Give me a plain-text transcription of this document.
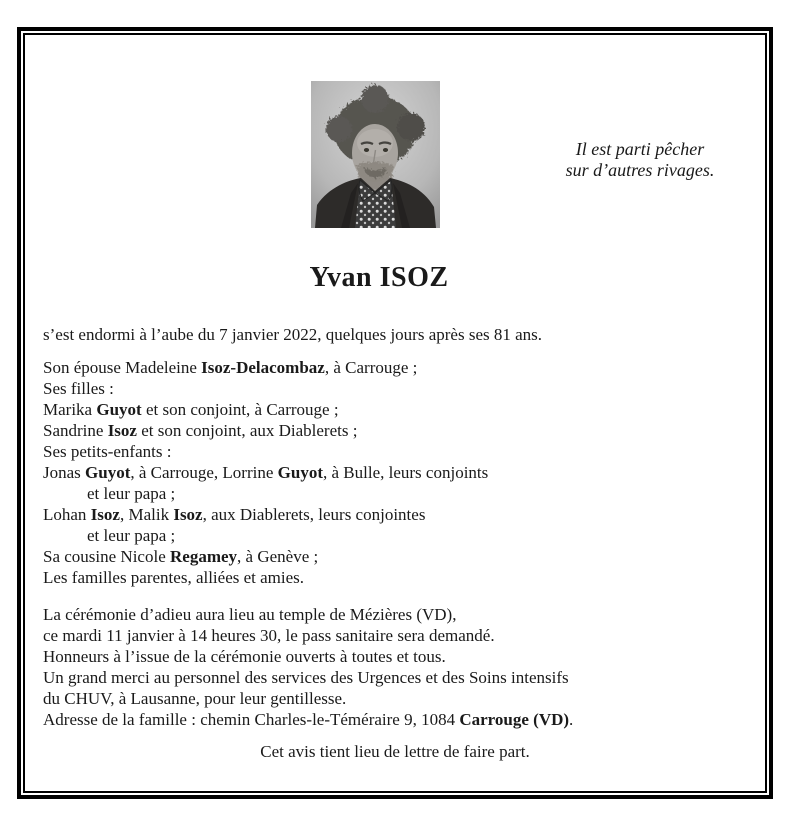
Il est parti pêcher
sur d’autres rivages.
Yvan ISOZ
s’est endormi à l’aube du 7 janvier 2022, quelques jours après ses 81 ans.
Son épouse Madeleine Isoz-Delacombaz, à Carrouge ;
Ses filles :
Marika Guyot et son conjoint, à Carrouge ;
Sandrine Isoz et son conjoint, aux Diablerets ;
Ses petits-enfants :
Jonas Guyot, à Carrouge, Lorrine Guyot, à Bulle, leurs conjoints
et leur papa ;
Lohan Isoz, Malik Isoz, aux Diablerets, leurs conjointes
et leur papa ;
Sa cousine Nicole Regamey, à Genève ;
Les familles parentes, alliées et amies.
La cérémonie d’adieu aura lieu au temple de Mézières (VD),
ce mardi 11 janvier à 14 heures 30, le pass sanitaire sera demandé.
Honneurs à l’issue de la cérémonie ouverts à toutes et tous.
Un grand merci au personnel des services des Urgences et des Soins intensifs
du CHUV, à Lausanne, pour leur gentillesse.
Adresse de la famille : chemin Charles-le-Téméraire 9, 1084 Carrouge (VD).
Cet avis tient lieu de lettre de faire part.
